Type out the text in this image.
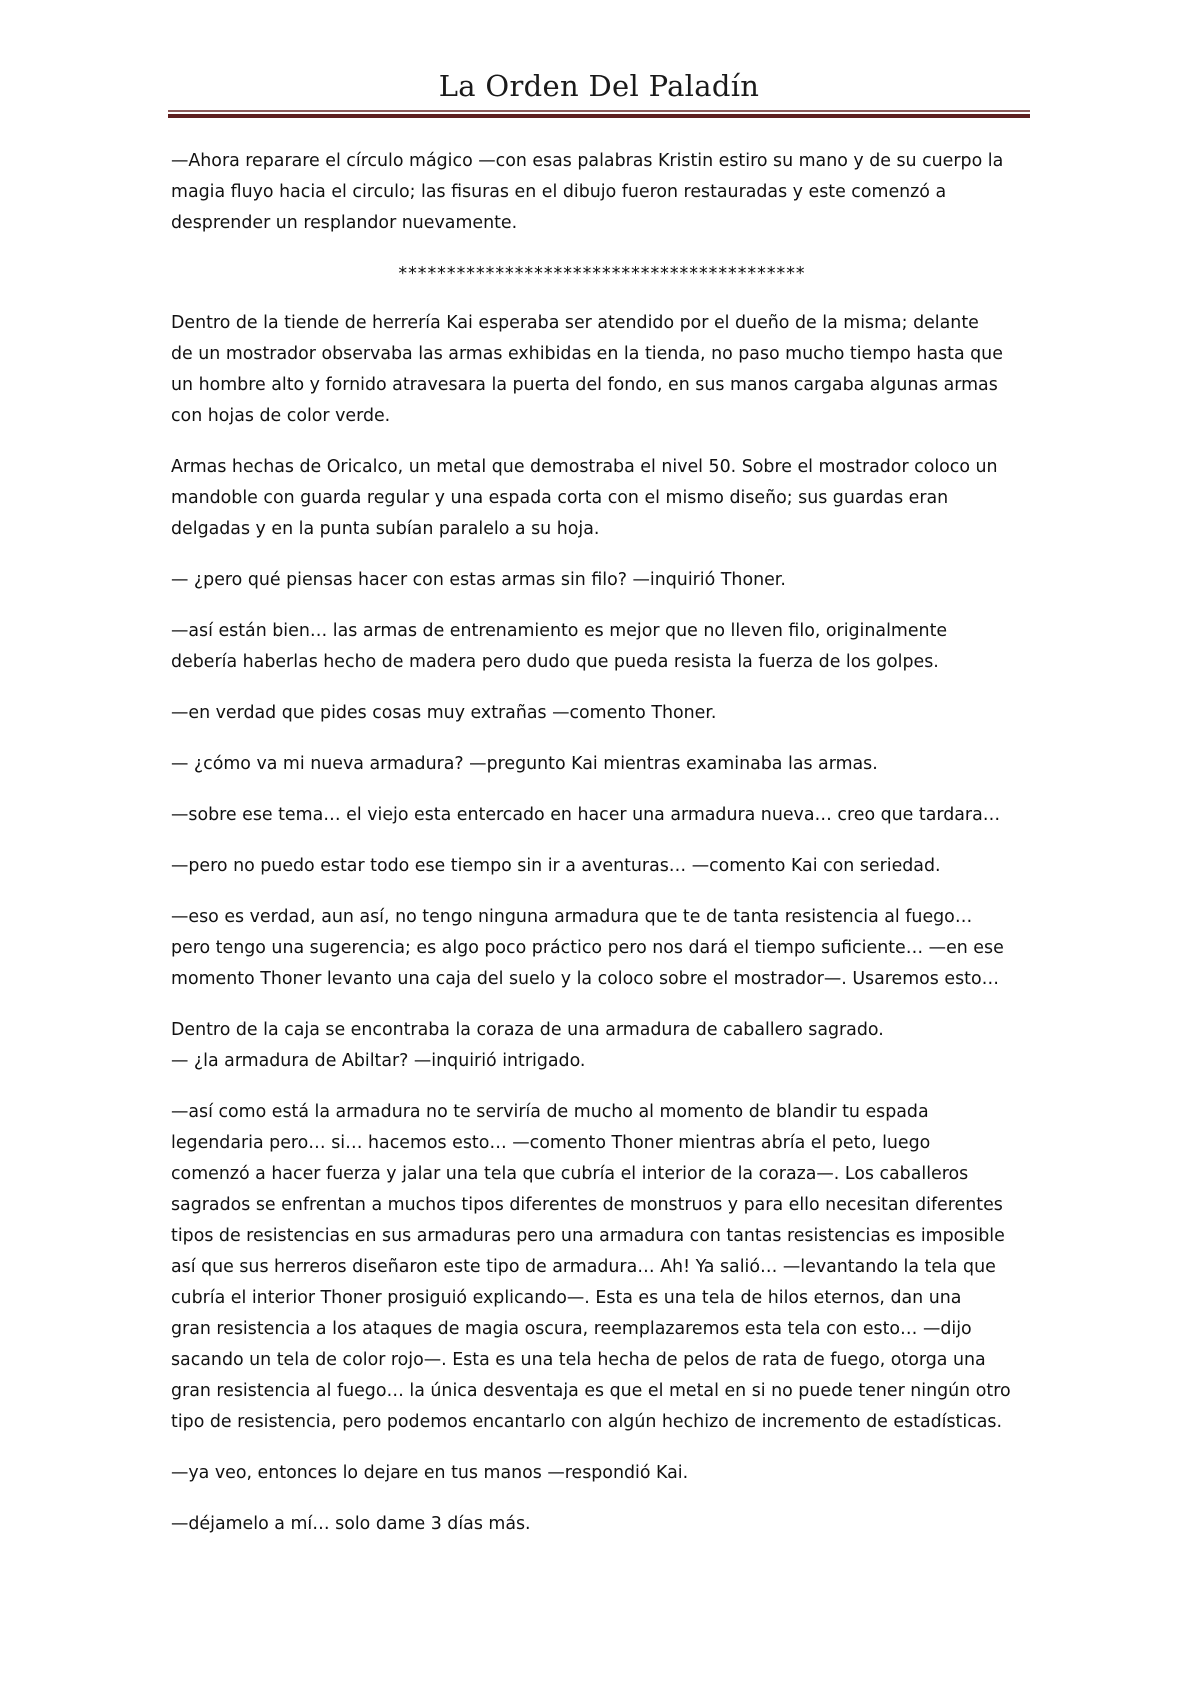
La Orden Del Paladín

—Ahora reparare el círculo mágico —con esas palabras Kristin estiro su mano y de su cuerpo la
magia fluyo hacia el circulo; las fisuras en el dibujo fueron restauradas y este comenzó a
desprender un resplandor nuevamente.

******************************************

Dentro de la tiende de herrería Kai esperaba ser atendido por el dueño de la misma; delante
de un mostrador observaba las armas exhibidas en la tienda, no paso mucho tiempo hasta que
un hombre alto y fornido atravesara la puerta del fondo, en sus manos cargaba algunas armas
con hojas de color verde.

Armas hechas de Oricalco, un metal que demostraba el nivel 50. Sobre el mostrador coloco un
mandoble con guarda regular y una espada corta con el mismo diseño; sus guardas eran
delgadas y en la punta subían paralelo a su hoja.

— ¿pero qué piensas hacer con estas armas sin filo? —inquirió Thoner.

—así están bien… las armas de entrenamiento es mejor que no lleven filo, originalmente
debería haberlas hecho de madera pero dudo que pueda resista la fuerza de los golpes.

—en verdad que pides cosas muy extrañas —comento Thoner.

— ¿cómo va mi nueva armadura? —pregunto Kai mientras examinaba las armas.

—sobre ese tema… el viejo esta entercado en hacer una armadura nueva… creo que tardara…

—pero no puedo estar todo ese tiempo sin ir a aventuras… —comento Kai con seriedad.

—eso es verdad, aun así, no tengo ninguna armadura que te de tanta resistencia al fuego…
pero tengo una sugerencia; es algo poco práctico pero nos dará el tiempo suficiente… —en ese
momento Thoner levanto una caja del suelo y la coloco sobre el mostrador—. Usaremos esto…

Dentro de la caja se encontraba la coraza de una armadura de caballero sagrado.
— ¿la armadura de Abiltar? —inquirió intrigado.

—así como está la armadura no te serviría de mucho al momento de blandir tu espada
legendaria pero… si… hacemos esto… —comento Thoner mientras abría el peto, luego
comenzó a hacer fuerza y jalar una tela que cubría el interior de la coraza—. Los caballeros
sagrados se enfrentan a muchos tipos diferentes de monstruos y para ello necesitan diferentes
tipos de resistencias en sus armaduras pero una armadura con tantas resistencias es imposible
así que sus herreros diseñaron este tipo de armadura… Ah! Ya salió… —levantando la tela que
cubría el interior Thoner prosiguió explicando—. Esta es una tela de hilos eternos, dan una
gran resistencia a los ataques de magia oscura, reemplazaremos esta tela con esto… —dijo
sacando un tela de color rojo—. Esta es una tela hecha de pelos de rata de fuego, otorga una
gran resistencia al fuego… la única desventaja es que el metal en si no puede tener ningún otro
tipo de resistencia, pero podemos encantarlo con algún hechizo de incremento de estadísticas.

—ya veo, entonces lo dejare en tus manos —respondió Kai.

—déjamelo a mí… solo dame 3 días más.
